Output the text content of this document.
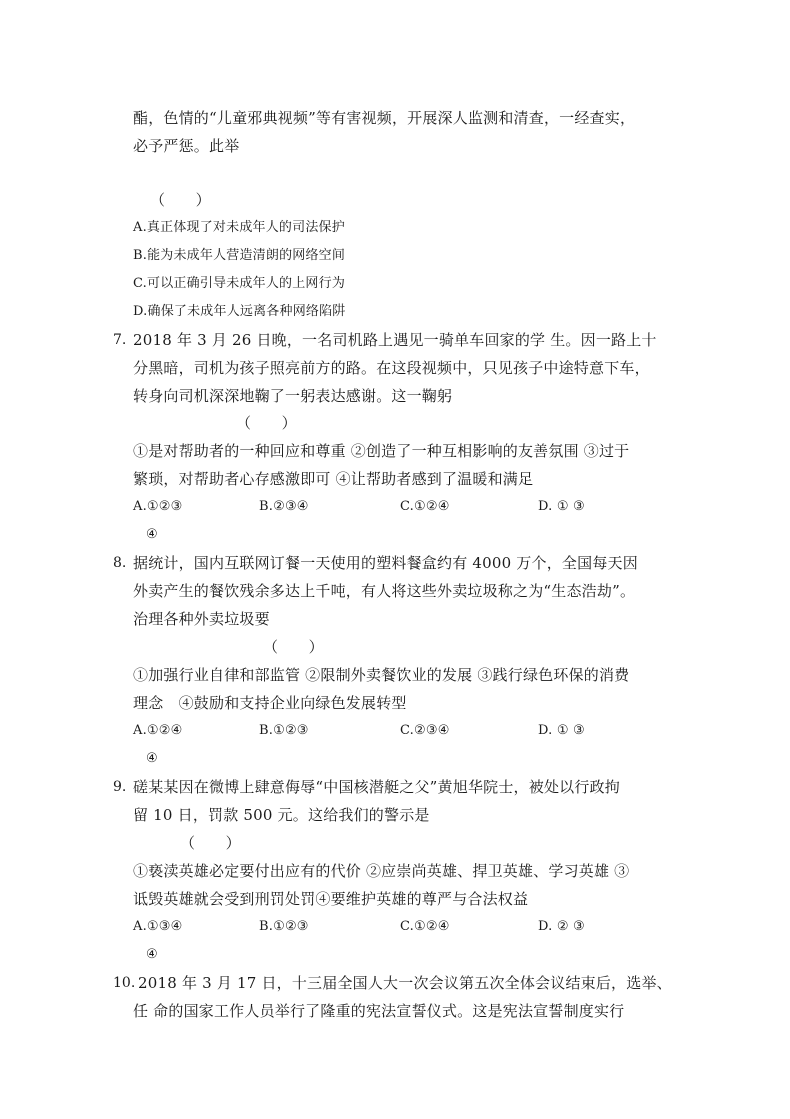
酯，色情的“儿童邪典视频”等有害视频，开展深人监测和清查，一经查实，
必予严惩。此举
（　　）
A.真正体现了对未成年人的司法保护
B.能为未成年人营造清朗的网络空间
C.可以正确引导未成年人的上网行为
D.确保了未成年人远离各种网络陷阱
7. 2018 年 3 月 26 日晚，一名司机路上遇见一骑单车回家的学 生。因一路上十
分黑暗，司机为孩子照亮前方的路。在这段视频中，只见孩子中途特意下车，
转身向司机深深地鞠了一躬表达感谢。这一鞠躬
（　　）
①是对帮助者的一种回应和尊重 ②创造了一种互相影响的友善氛围 ③过于
繁琐，对帮助者心存感激即可 ④让帮助者感到了温暖和满足
A.①②③	B.②③④	C.①②④	D. ① ③
④
8. 据统计，国内互联网订餐一天使用的塑料餐盒约有 4000 万个，全国每天因
外卖产生的餐饮残余多达上千吨，有人将这些外卖垃圾称之为“生态浩劫”。
治理各种外卖垃圾要
（　　）
①加强行业自律和部监管 ②限制外卖餐饮业的发展 ③践行绿色环保的消费
理念　④鼓励和支持企业向绿色发展转型
A.①②④	B.①②③	C.②③④	D. ① ③
④
9. 磋某某因在微博上肆意侮辱“中国核潜艇之父”黄旭华院士，被处以行政拘
留 10 日，罚款 500 元。这给我们的警示是
（　　）
①亵渎英雄必定要付出应有的代价 ②应崇尚英雄、捍卫英雄、学习英雄 ③
诋毁英雄就会受到刑罚处罚④要维护英雄的尊严与合法权益
A.①③④	B.①②③	C.①②④	D. ② ③
④
10. 2018 年 3 月 17 日，十三届全国人大一次会议第五次全体会议结束后，选举、
任 命的国家工作人员举行了隆重的宪法宣誓仪式。这是宪法宣誓制度实行
